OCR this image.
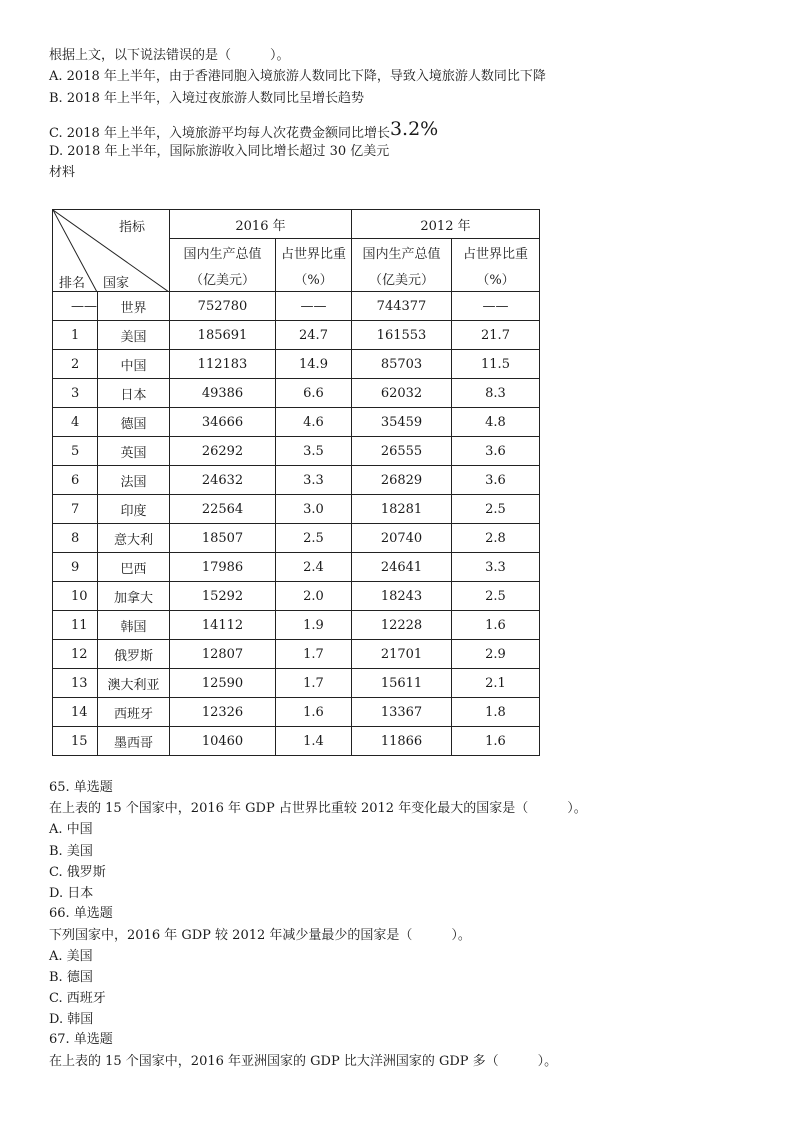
根据上文，以下说法错误的是（　　　）。
A. 2018 年上半年，由于香港同胞入境旅游人数同比下降，导致入境旅游人数同比下降
B. 2018 年上半年，入境过夜旅游人数同比呈增长趋势
C. 2018 年上半年，入境旅游平均每人次花费金额同比增长3.2%
D. 2018 年上半年，国际旅游收入同比增长超过 30 亿美元
材料
指标
国家
排名		2016 年		2012 年	
		国内生产总值	占世界比重	国内生产总值	占世界比重
		（亿美元）	（%）	（亿美元）	（%）
——	世界	752780	——	744377	——
1	美国	185691	24.7	161553	21.7
2	中国	112183	14.9	85703	11.5
3	日本	49386	6.6	62032	8.3
4	德国	34666	4.6	35459	4.8
5	英国	26292	3.5	26555	3.6
6	法国	24632	3.3	26829	3.6
7	印度	22564	3.0	18281	2.5
8	意大利	18507	2.5	20740	2.8
9	巴西	17986	2.4	24641	3.3
10	加拿大	15292	2.0	18243	2.5
11	韩国	14112	1.9	12228	1.6
12	俄罗斯	12807	1.7	21701	2.9
13	澳大利亚	12590	1.7	15611	2.1
14	西班牙	12326	1.6	13367	1.8
15	墨西哥	10460	1.4	11866	1.6
65. 单选题
在上表的 15 个国家中，2016 年 GDP 占世界比重较 2012 年变化最大的国家是（　　　）。
A. 中国
B. 美国
C. 俄罗斯
D. 日本
66. 单选题
下列国家中，2016 年 GDP 较 2012 年减少量最少的国家是（　　　）。
A. 美国
B. 德国
C. 西班牙
D. 韩国
67. 单选题
在上表的 15 个国家中，2016 年亚洲国家的 GDP 比大洋洲国家的 GDP 多（　　　）。
